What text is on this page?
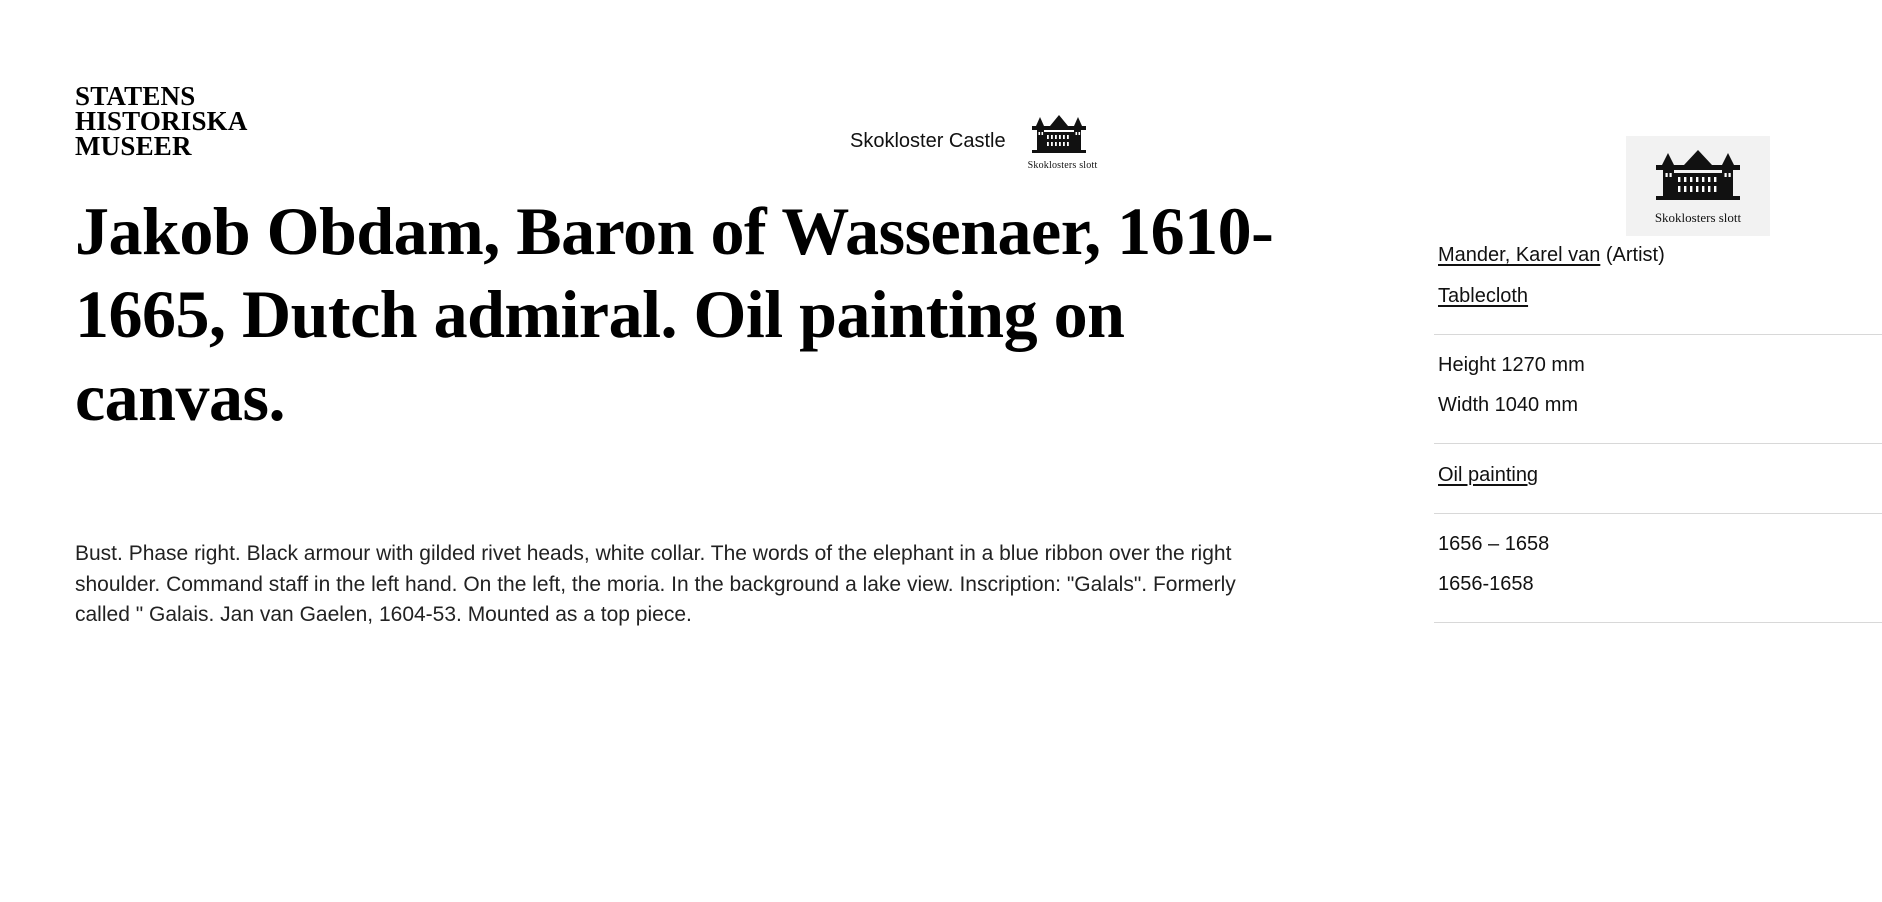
STATENS
HISTORISKA
MUSEER	Skokloster Castle
Skoklosters slott
Skoklosters slott
Jakob Obdam, Baron of Wassenaer, 1610-1665, Dutch admiral. Oil painting on canvas.

Bust. Phase right. Black armour with gilded rivet heads, white collar. The words of the elephant in a blue ribbon over the right shoulder. Command staff in the left hand. On the left, the moria. In the background a lake view. Inscription: "Galals". Formerly called " Galais. Jan van Gaelen, 1604-53. Mounted as a top piece.

Mander, Karel van (Artist)
Tablecloth
Height 1270 mm
Width 1040 mm
Oil painting
1656 – 1658
1656-1658
